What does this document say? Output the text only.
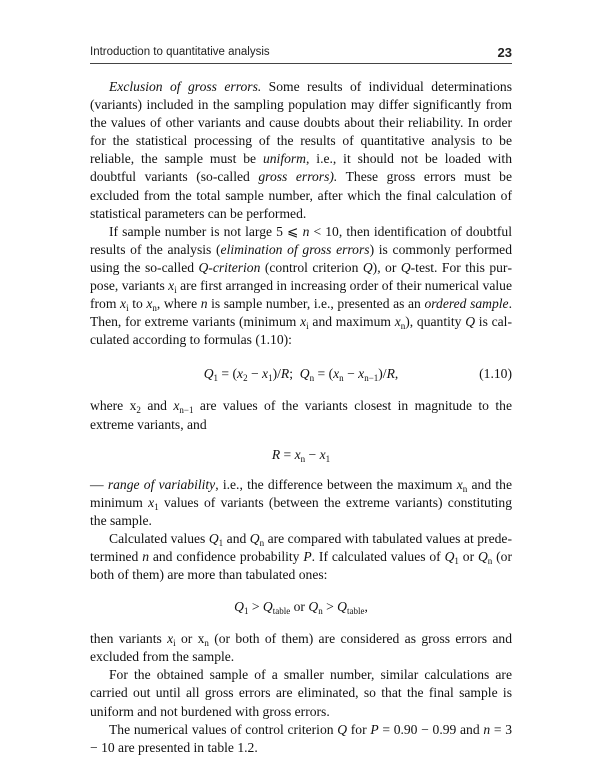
Introduction to quantitative analysis	23

Exclusion of gross errors. Some results of individual determinations (variants) included in the sampling population may differ significantly from the values of other variants and cause doubts about their reliability. In order for the statistical processing of the results of quantitative analysis to be reliable, the sample must be uniform, i.e., it should not be loaded with doubtful variants (so-called gross errors). These gross errors must be excluded from the total sample number, after which the final calculation of statistical parameters can be performed.

If sample number is not large 5 ⩽ n < 10, then identification of doubtful results of the analysis (elimination of gross errors) is commonly performed using the so-called Q-criterion (control criterion Q), or Q-test. For this purpose, variants $x_i$ are first arranged in increasing order of their numerical value from $x_i$ to $x_n$, where n is sample number, i.e., presented as an ordered sample. Then, for extreme variants (minimum $x_i$ and maximum $x_n$), quantity Q is calculated according to formulas (1.10):

$Q_1 = (x_2 - x_1)/R$;  $Q_n = (x_n - x_{n-1})/R$,	(1.10)

where $x_2$ and $x_{n-1}$ are values of the variants closest in magnitude to the extreme variants, and

$R = x_n - x_1$

— range of variability, i.e., the difference between the maximum $x_n$ and the minimum $x_1$ values of variants (between the extreme variants) constituting the sample.

Calculated values $Q_1$ and $Q_n$ are compared with tabulated values at predetermined n and confidence probability P. If calculated values of $Q_1$ or $Q_n$ (or both of them) are more than tabulated ones:

$Q_1 > Q_{table}$ or $Q_n > Q_{table}$,

then variants $x_i$ or $x_n$ (or both of them) are considered as gross errors and excluded from the sample.

For the obtained sample of a smaller number, similar calculations are carried out until all gross errors are eliminated, so that the final sample is uniform and not burdened with gross errors.

The numerical values of control criterion Q for P = 0.90 − 0.99 and n = 3 − 10 are presented in table 1.2.
